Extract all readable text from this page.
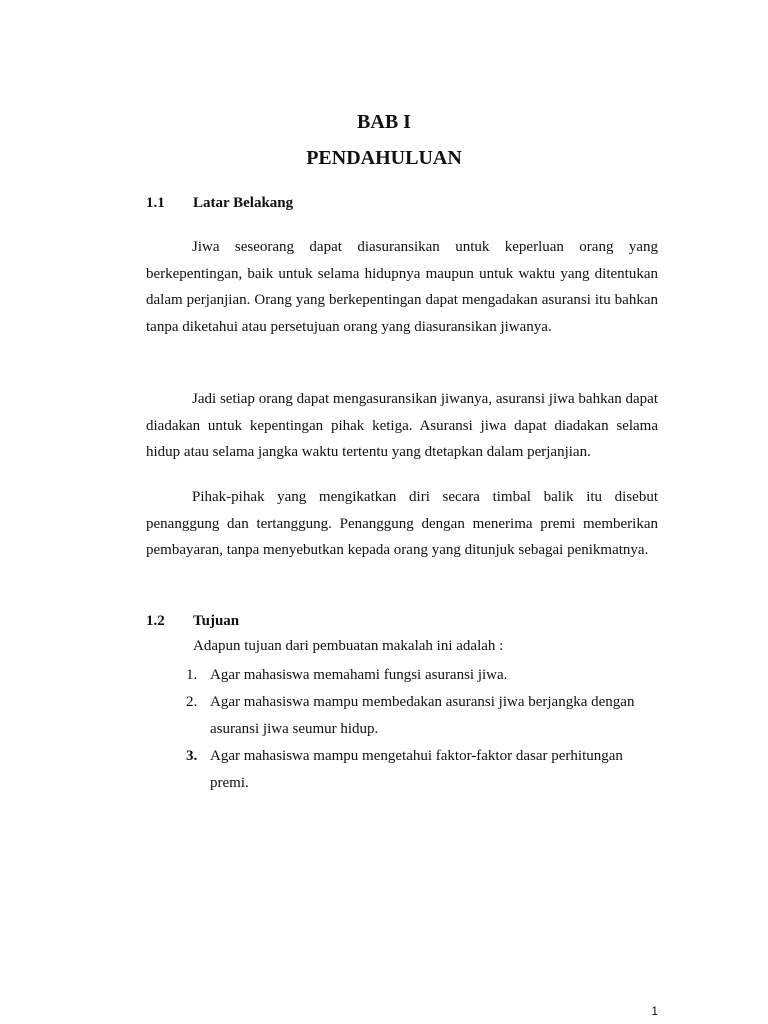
BAB I
PENDAHULUAN
1.1 Latar Belakang

Jiwa seseorang dapat diasuransikan untuk keperluan orang yang berkepentingan, baik untuk selama hidupnya maupun untuk waktu yang ditentukan dalam perjanjian. Orang yang berkepentingan dapat mengadakan asuransi itu bahkan tanpa diketahui atau persetujuan orang yang diasuransikan jiwanya.

Jadi setiap orang dapat mengasuransikan jiwanya, asuransi jiwa bahkan dapat diadakan untuk kepentingan pihak ketiga. Asuransi jiwa dapat diadakan selama hidup atau selama jangka waktu tertentu yang dtetapkan dalam perjanjian.

Pihak-pihak yang mengikatkan diri secara timbal balik itu disebut penanggung dan tertanggung. Penanggung dengan menerima premi memberikan pembayaran, tanpa menyebutkan kepada orang yang ditunjuk sebagai penikmatnya.

1.2 Tujuan
Adapun tujuan dari pembuatan makalah ini adalah :
1. Agar mahasiswa memahami fungsi asuransi jiwa.
2. Agar mahasiswa mampu membedakan asuransi jiwa berjangka dengan asuransi jiwa seumur hidup.
3. Agar mahasiswa mampu mengetahui faktor-faktor dasar perhitungan premi.
1
